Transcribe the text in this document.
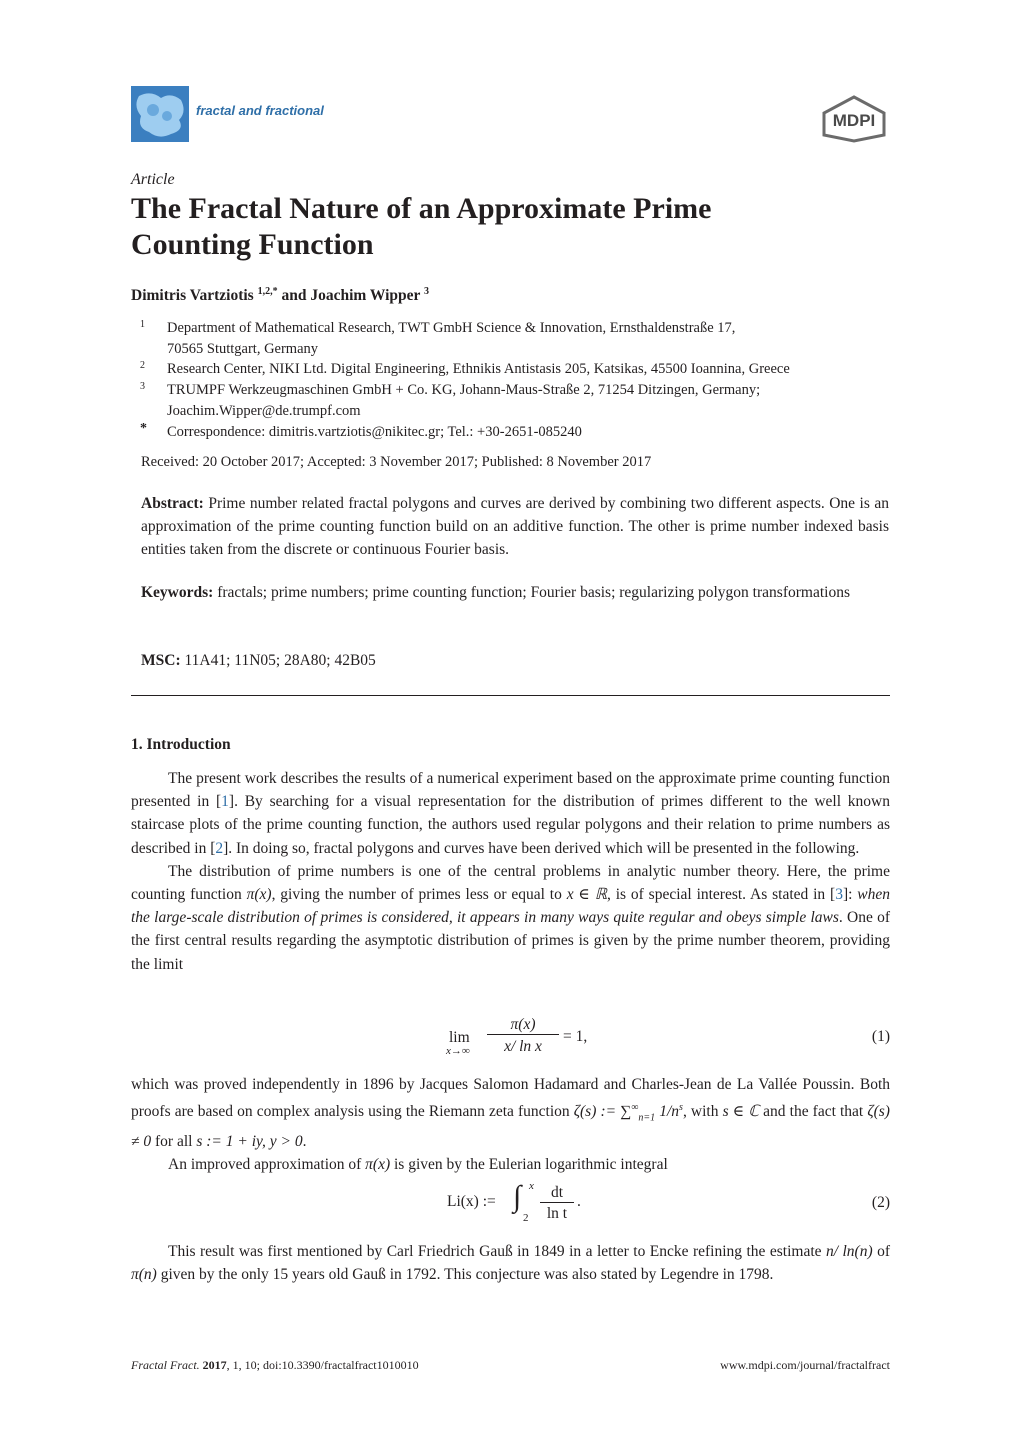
fractal and fractional
MDPI
Article
The Fractal Nature of an Approximate Prime Counting Function
Dimitris Vartziotis $^{1,2,*}$ and Joachim Wipper $^3$
1 Department of Mathematical Research, TWT GmbH Science & Innovation, Ernsthaldenstraße 17,
70565 Stuttgart, Germany
2 Research Center, NIKI Ltd. Digital Engineering, Ethnikis Antistasis 205, Katsikas, 45500 Ioannina, Greece
3 TRUMPF Werkzeugmaschinen GmbH + Co. KG, Johann-Maus-Straße 2, 71254 Ditzingen, Germany;
Joachim.Wipper@de.trumpf.com
* Correspondence: dimitris.vartziotis@nikitec.gr; Tel.: +30-2651-085240
Received: 20 October 2017; Accepted: 3 November 2017; Published: 8 November 2017
Abstract: Prime number related fractal polygons and curves are derived by combining two different aspects. One is an approximation of the prime counting function build on an additive function. The other is prime number indexed basis entities taken from the discrete or continuous Fourier basis.
Keywords: fractals; prime numbers; prime counting function; Fourier basis; regularizing polygon transformations
MSC: 11A41; 11N05; 28A80; 42B05
1. Introduction

The present work describes the results of a numerical experiment based on the approximate prime counting function presented in [1]. By searching for a visual representation for the distribution of primes different to the well known staircase plots of the prime counting function, the authors used regular polygons and their relation to prime numbers as described in [2]. In doing so, fractal polygons and curves have been derived which will be presented in the following.

The distribution of prime numbers is one of the central problems in analytic number theory. Here, the prime counting function π(x), giving the number of primes less or equal to x ∈ ℝ, is of special interest. As stated in [3]: when the large-scale distribution of primes is considered, it appears in many ways quite regular and obeys simple laws. One of the first central results regarding the asymptotic distribution of primes is given by the prime number theorem, providing the limit

lim
x→∞
π(x)
x/ ln x
= 1,	(1)

which was proved independently in 1896 by Jacques Salomon Hadamard and Charles-Jean de La Vallée Poussin. Both proofs are based on complex analysis using the Riemann zeta function ζ(s) := $\sum^\infty_{n=1}$ $1/n^s$, with s ∈ ℂ and the fact that ζ(s) ≠ 0 for all s := 1 + iy, y > 0.

An improved approximation of π(x) is given by the Eulerian logarithmic integral

Li(x) := ∫ x
2
dt
ln t
.	(2)

This result was first mentioned by Carl Friedrich Gauß in 1849 in a letter to Encke refining the estimate n/ ln(n) of π(n) given by the only 15 years old Gauß in 1792. This conjecture was also stated by Legendre in 1798.

Fractal Fract. 2017, 1, 10; doi:10.3390/fractalfract1010010	www.mdpi.com/journal/fractalfract
